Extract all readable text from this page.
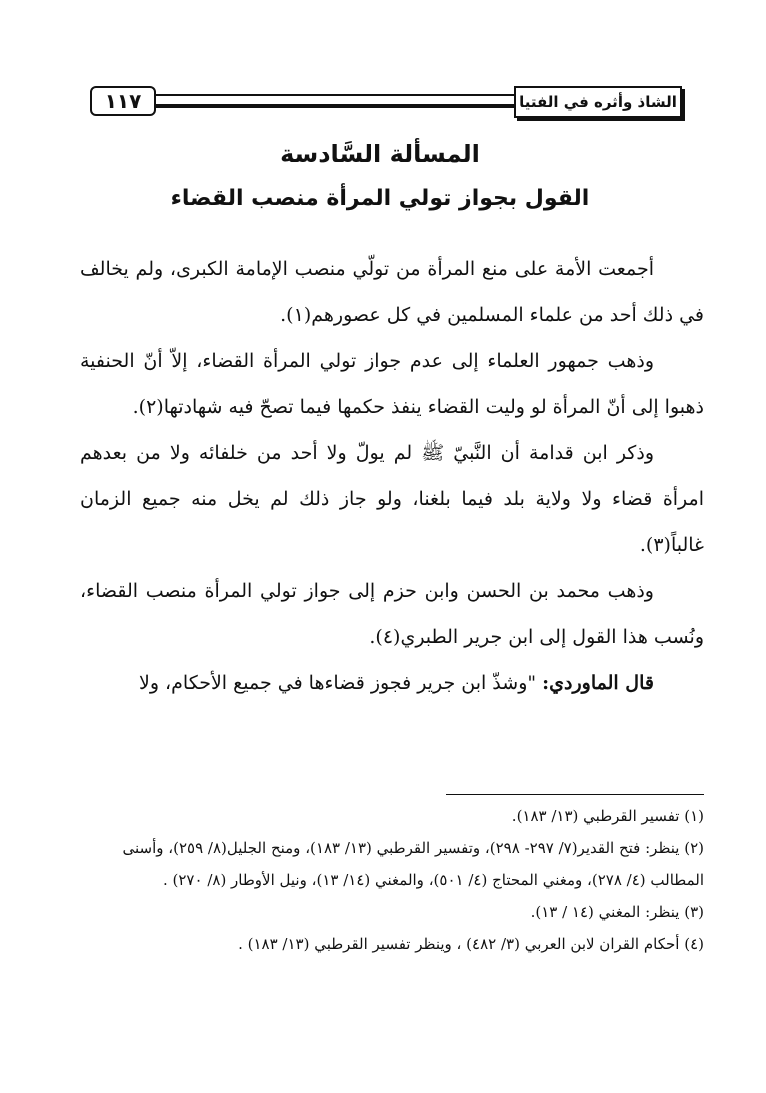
١١٧	الشاذ وأثره في الفتيا
المسألة السَّادسة
القول بجواز تولي المرأة منصب القضاء

أجمعت الأمة على منع المرأة من تولّي منصب الإمامة الكبرى، ولم يخالف في ذلك أحد من علماء المسلمين في كل عصورهم(١).

وذهب جمهور العلماء إلى عدم جواز تولي المرأة القضاء، إلاّ أنّ الحنفية ذهبوا إلى أنّ المرأة لو وليت القضاء ينفذ حكمها فيما تصحّ فيه شهادتها(٢).

وذكر ابن قدامة أن النَّبيّ ﷺ لم يولّ ولا أحد من خلفائه ولا من بعدهم امرأة قضاء ولا ولاية بلد فيما بلغنا، ولو جاز ذلك لم يخل منه جميع الزمان غالباً(٣).

وذهب محمد بن الحسن وابن حزم إلى جواز تولي المرأة منصب القضاء، ونُسب هذا القول إلى ابن جرير الطبري(٤).

قال الماوردي: "وشذّ ابن جرير فجوز قضاءها في جميع الأحكام، ولا

(١) تفسير القرطبي (١٣/ ١٨٣).

(٢) ينظر: فتح القدير(٧/ ٢٩٧- ٢٩٨)، وتفسير القرطبي (١٣/ ١٨٣)، ومنح الجليل(٨/ ٢٥٩)، وأسنى المطالب (٤/ ٢٧٨)، ومغني المحتاج (٤/ ٥٠١)، والمغني (١٤/ ١٣)، ونيل الأوطار (٨/ ٢٧٠) .

(٣) ينظر: المغني (١٤ / ١٣).

(٤) أحكام القران لابن العربي (٣/ ٤٨٢) ، وينظر تفسير القرطبي (١٣/ ١٨٣) .
